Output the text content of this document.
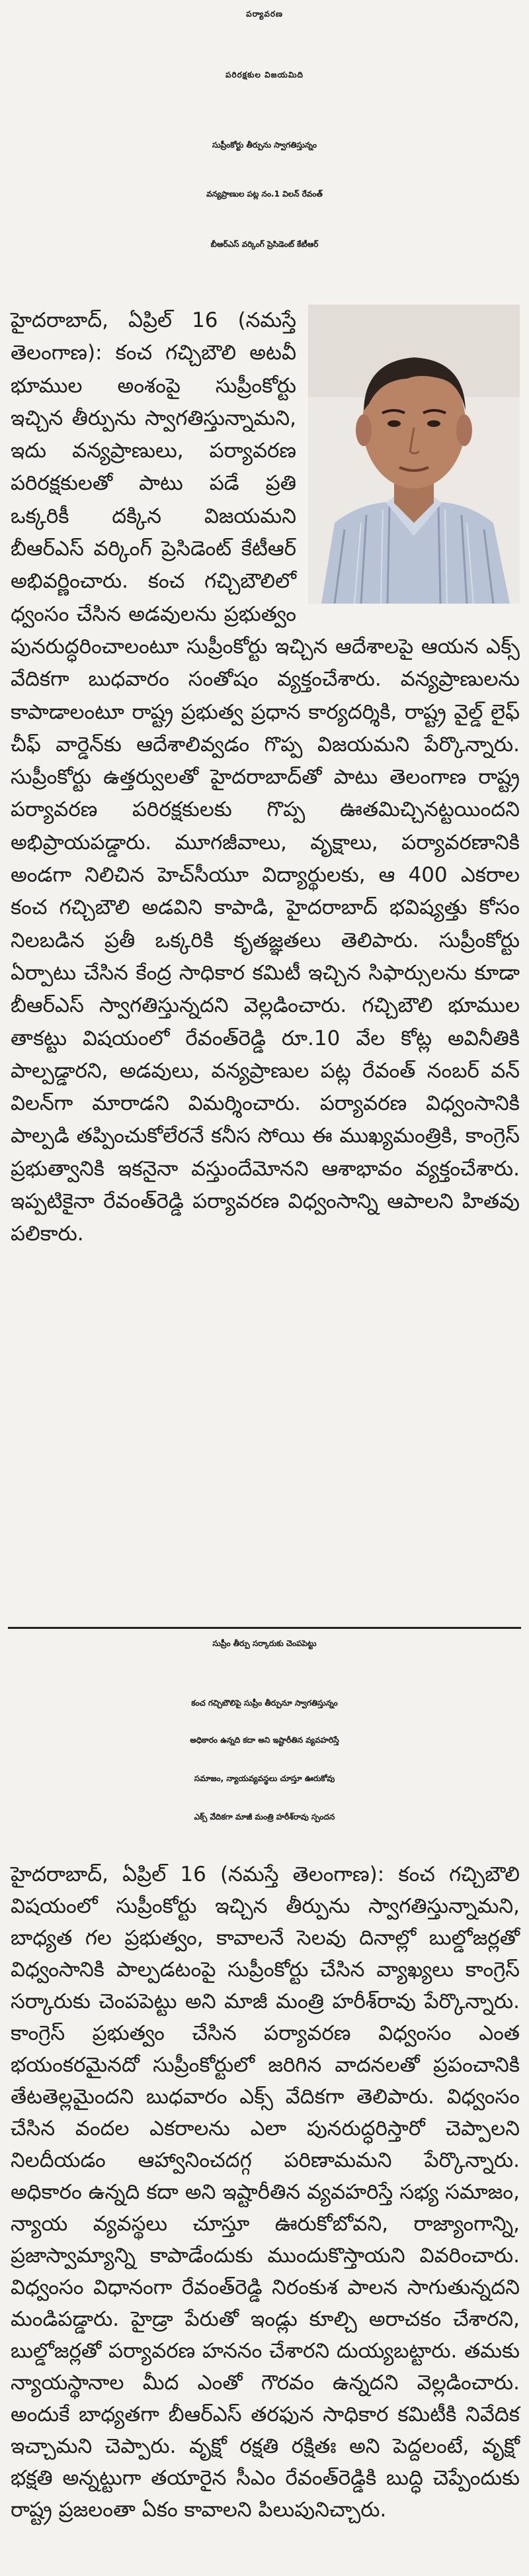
పర్యావరణ
పరిరక్షకుల విజయమిది
సుప్రీంకోర్టు తీర్పును స్వాగతిస్తున్నం
వన్యప్రాణుల పట్ల నం.1 విలన్ రేవంత్
బీఆర్ఎస్ వర్కింగ్ ప్రెసిడెంట్ కేటీఆర్
హైదరాబాద్, ఏప్రిల్ 16 (నమస్తే తెలంగాణ): కంచ గచ్చిబౌలి అటవీ భూముల అంశంపై సుప్రీంకోర్టు ఇచ్చిన తీర్పును స్వాగతిస్తున్నామని, ఇదు వన్యప్రాణులు, పర్యావరణ పరిరక్షకులతో పాటు పడే ప్రతి ఒక్కరికీ దక్కిన విజయమని బీఆర్ఎస్ వర్కింగ్ ప్రెసిడెంట్ కేటీఆర్ అభివర్ణించారు. కంచ గచ్చిబౌలిలో ధ్వంసం చేసిన అడవులను ప్రభుత్వం పునరుద్ధరించాలంటూ సుప్రీంకోర్టు ఇచ్చిన ఆదేశాలపై ఆయన ఎక్స్ వేదికగా బుధవారం సంతోషం వ్యక్తంచేశారు. వన్యప్రాణులను కాపాడాలంటూ రాష్ట్ర ప్రభుత్వ ప్రధాన కార్యదర్శికి, రాష్ట్ర వైల్డ్ లైఫ్ చీఫ్ వార్డెన్‌కు ఆదేశాలివ్వడం గొప్ప విజయమని పేర్కొన్నారు. సుప్రీంకోర్టు ఉత్తర్వులతో హైదరాబాద్‌తో పాటు తెలంగాణ రాష్ట్ర పర్యావరణ పరిరక్షకులకు గొప్ప ఊతమిచ్చినట్టయిందని అభిప్రాయపడ్డారు. మూగజీవాలు, వృక్షాలు, పర్యావరణానికి అండగా నిలిచిన హెచ్‌సీయూ విద్యార్థులకు, ఆ 400 ఎకరాల కంచ గచ్చిబౌలి అడవిని కాపాడి, హైదరాబాద్ భవిష్యత్తు కోసం నిలబడిన ప్రతీ ఒక్కరికి కృతజ్ఞతలు తెలిపారు. సుప్రీంకోర్టు ఏర్పాటు చేసిన కేంద్ర సాధికార కమిటీ ఇచ్చిన సిఫార్సులను కూడా బీఆర్ఎస్ స్వాగతిస్తున్నదని వెల్లడించారు. గచ్చిబౌలి భూముల తాకట్టు విషయంలో రేవంత్‌రెడ్డి రూ.10 వేల కోట్ల అవినీతికి పాల్పడ్డారని, అడవులు, వన్యప్రాణుల పట్ల రేవంత్ నంబర్ వన్ విలన్‌గా మారాడని విమర్శించారు. పర్యావరణ విధ్వంసానికి పాల్పడి తప్పించుకోలేరనే కనీస సోయి ఈ ముఖ్యమంత్రికి, కాంగ్రెస్ ప్రభుత్వానికి ఇకనైనా వస్తుందేమోనని ఆశాభావం వ్యక్తంచేశారు. ఇప్పటికైనా రేవంత్‌రెడ్డి పర్యావరణ విధ్వంసాన్ని ఆపాలని హితవు పలికారు.
సుప్రీం తీర్పు సర్కారుకు చెంపపెట్టు
కంచ గచ్చిబౌలిపై సుప్రీం తీర్పునూ స్వాగతిస్తున్నం
అధికారం ఉన్నది కదా అని ఇష్టారీతిన వ్యవహరిస్తే
సమాజం, న్యాయవ్యవస్థలు చూస్తూ ఊరుకోవు
ఎక్స్ వేదికగా మాజీ మంత్రి హరీశ్‌రావు స్పందన
హైదరాబాద్, ఏప్రిల్ 16 (నమస్తే తెలంగాణ): కంచ గచ్చిబౌలి విషయంలో సుప్రీంకోర్టు ఇచ్చిన తీర్పును స్వాగతిస్తున్నామని, బాధ్యత గల ప్రభుత్వం, కావాలనే సెలవు దినాల్లో బుల్డోజర్లతో విధ్వంసానికి పాల్పడటంపై సుప్రీంకోర్టు చేసిన వ్యాఖ్యలు కాంగ్రెస్ సర్కారుకు చెంపపెట్టు అని మాజీ మంత్రి హరీశ్‌రావు పేర్కొన్నారు. కాంగ్రెస్ ప్రభుత్వం చేసిన పర్యావరణ విధ్వంసం ఎంత భయంకరమైనదో సుప్రీంకోర్టులో జరిగిన వాదనలతో ప్రపంచానికి తేటతెల్లమైందని బుధవారం ఎక్స్ వేదికగా తెలిపారు. విధ్వంసం చేసిన వందల ఎకరాలను ఎలా పునరుద్ధరిస్తారో చెప్పాలని నిలదీయడం ఆహ్వానించదగ్గ పరిణామమని పేర్కొన్నారు. అధికారం ఉన్నది కదా అని ఇష్టారీతిన వ్యవహరిస్తే సభ్య సమాజం, న్యాయ వ్యవస్థలు చూస్తూ ఊరుకోబోవని, రాజ్యాంగాన్ని, ప్రజాస్వామ్యాన్ని కాపాడేందుకు ముందుకొస్తాయని వివరించారు. విధ్వంసం విధానంగా రేవంత్‌రెడ్డి నిరంకుశ పాలన సాగుతున్నదని మండిపడ్డారు. హైడ్రా పేరుతో ఇండ్లు కూల్చి అరాచకం చేశారని, బుల్డోజర్లతో పర్యావరణ హననం చేశారని దుయ్యబట్టారు. తమకు న్యాయస్థానాల మీద ఎంతో గౌరవం ఉన్నదని వెల్లడించారు. అందుకే బాధ్యతగా బీఆర్ఎస్ తరఫున సాధికార కమిటీకి నివేదిక ఇచ్చామని చెప్పారు. వృక్షో రక్షతి రక్షితః అని పెద్దలంటే, వృక్షో భక్షతి అన్నట్టుగా తయారైన సీఎం రేవంత్‌రెడ్డికి బుద్ధి చెప్పేందుకు రాష్ట్ర ప్రజలంతా ఏకం కావాలని పిలుపునిచ్చారు.
